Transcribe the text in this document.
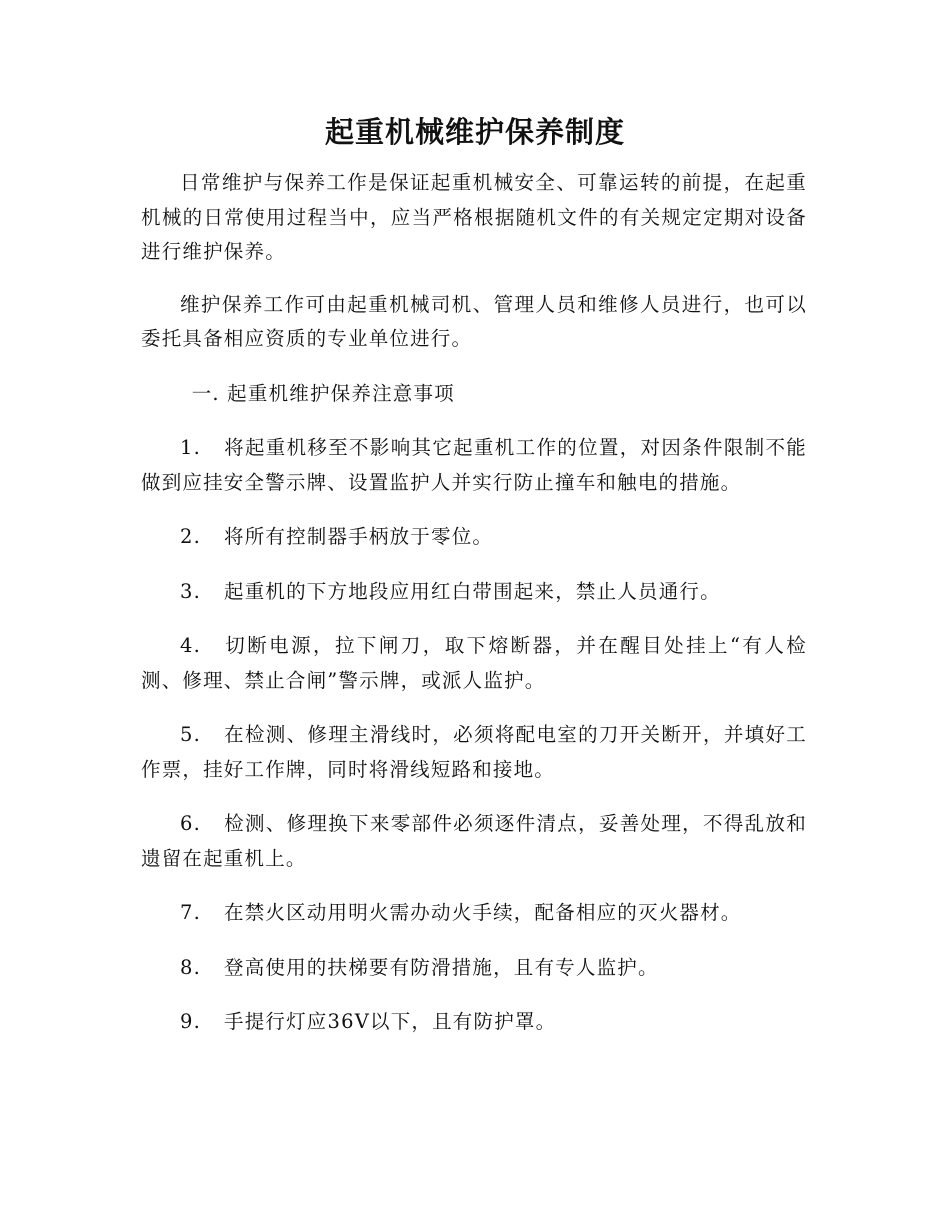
起重机械维护保养制度

日常维护与保养工作是保证起重机械安全、可靠运转的前提，在起重机械的日常使用过程当中，应当严格根据随机文件的有关规定定期对设备进行维护保养。

维护保养工作可由起重机械司机、管理人员和维修人员进行，也可以委托具备相应资质的专业单位进行。

一. 起重机维护保养注意事项

1. 将起重机移至不影响其它起重机工作的位置，对因条件限制不能做到应挂安全警示牌、设置监护人并实行防止撞车和触电的措施。

2. 将所有控制器手柄放于零位。

3. 起重机的下方地段应用红白带围起来，禁止人员通行。

4. 切断电源，拉下闸刀，取下熔断器，并在醒目处挂上“有人检测、修理、禁止合闸”警示牌，或派人监护。

5. 在检测、修理主滑线时，必须将配电室的刀开关断开，并填好工作票，挂好工作牌，同时将滑线短路和接地。

6. 检测、修理换下来零部件必须逐件清点，妥善处理，不得乱放和遗留在起重机上。

7. 在禁火区动用明火需办动火手续，配备相应的灭火器材。

8. 登高使用的扶梯要有防滑措施，且有专人监护。

9. 手提行灯应36V以下，且有防护罩。
